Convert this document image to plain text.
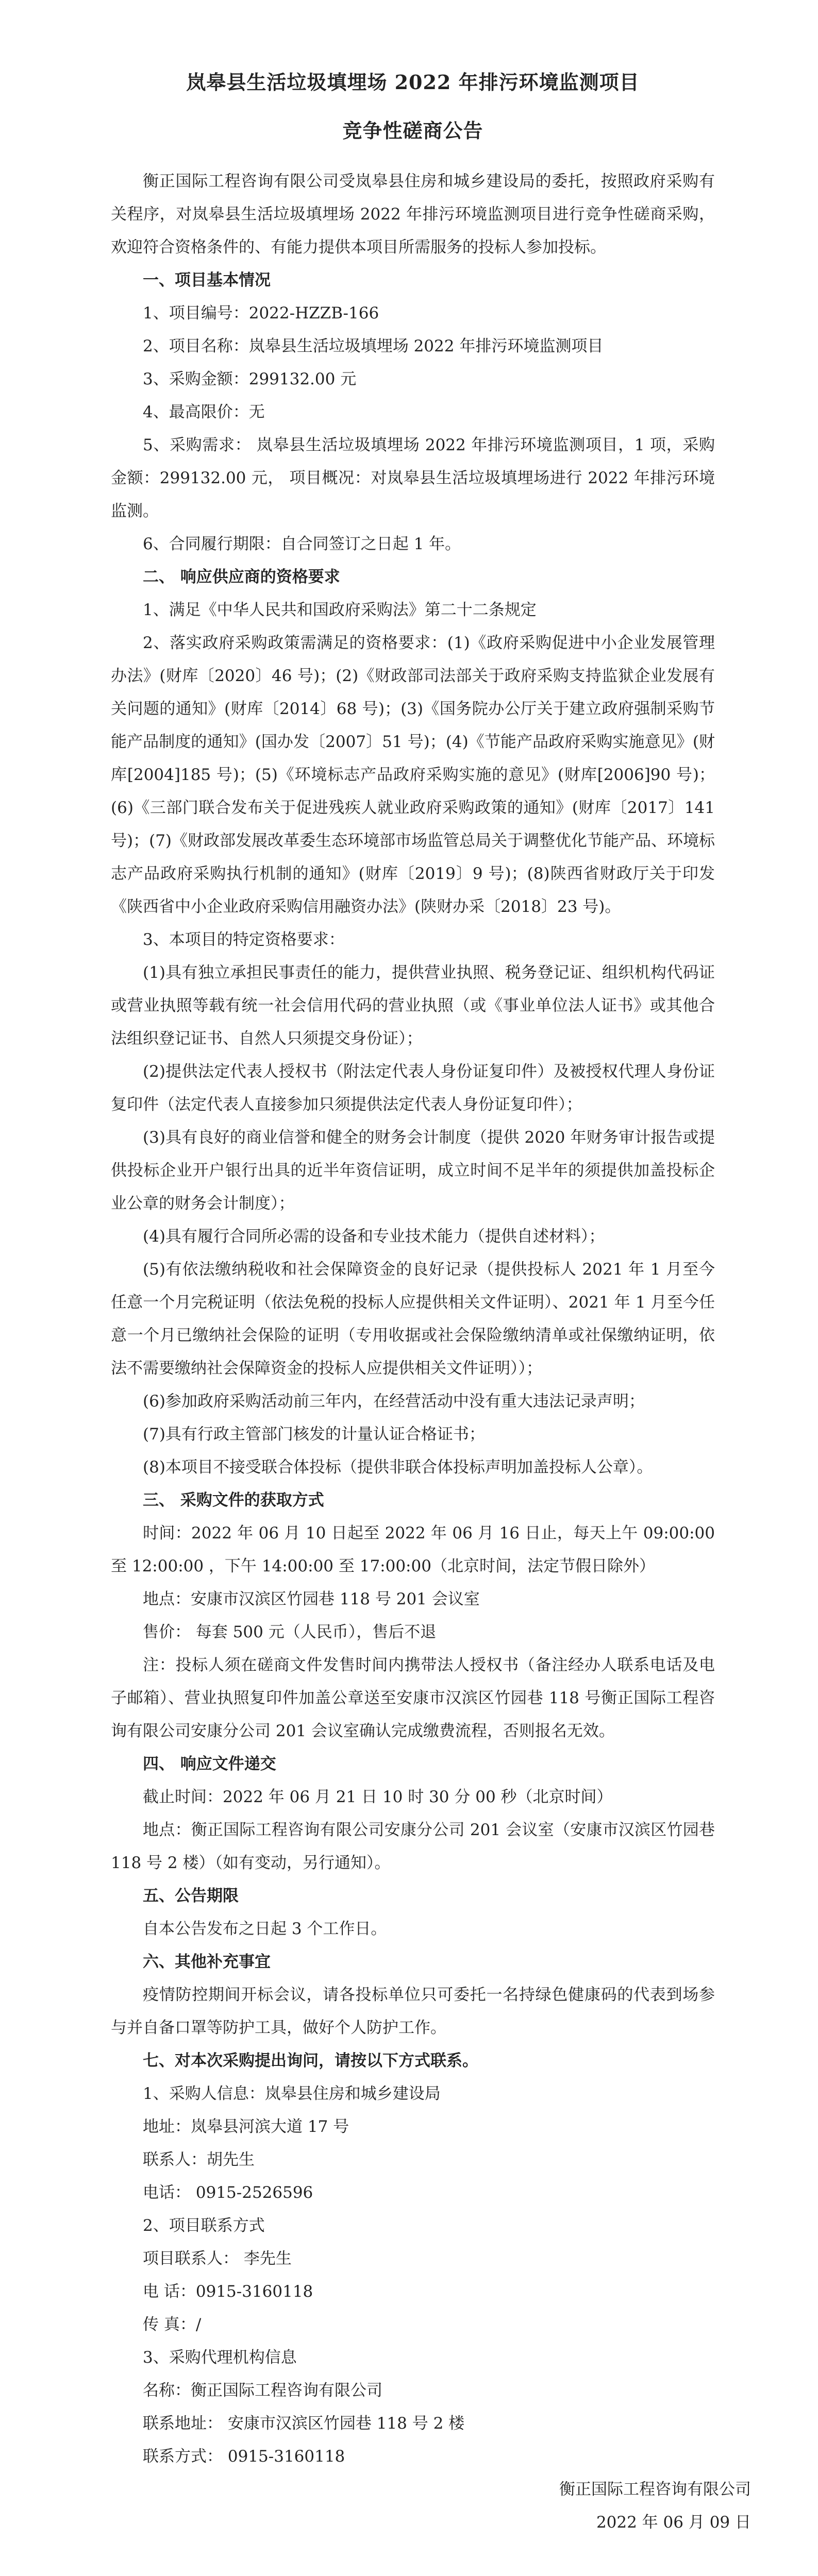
岚皋县生活垃圾填埋场 2022 年排污环境监测项目
竞争性磋商公告

衡正国际工程咨询有限公司受岚皋县住房和城乡建设局的委托，按照政府采购有关程序，对岚皋县生活垃圾填埋场 2022 年排污环境监测项目进行竞争性磋商采购，欢迎符合资格条件的、有能力提供本项目所需服务的投标人参加投标。

一、项目基本情况

1、项目编号：2022-HZZB-166

2、项目名称：岚皋县生活垃圾填埋场 2022 年排污环境监测项目

3、采购金额：299132.00 元

4、最高限价：无

5、采购需求： 岚皋县生活垃圾填埋场 2022 年排污环境监测项目，1 项，采购金额：299132.00 元， 项目概况：对岚皋县生活垃圾填埋场进行 2022 年排污环境监测。

6、合同履行期限：自合同签订之日起 1 年。

二、 响应供应商的资格要求

1、满足《中华人民共和国政府采购法》第二十二条规定

2、落实政府采购政策需满足的资格要求：(1)《政府采购促进中小企业发展管理办法》(财库〔2020〕46 号)；(2)《财政部司法部关于政府采购支持监狱企业发展有关问题的通知》(财库〔2014〕68 号)；(3)《国务院办公厅关于建立政府强制采购节能产品制度的通知》(国办发〔2007〕51 号)；(4)《节能产品政府采购实施意见》(财库[2004]185 号)；(5)《环境标志产品政府采购实施的意见》(财库[2006]90 号)；(6)《三部门联合发布关于促进残疾人就业政府采购政策的通知》(财库〔2017〕141 号)；(7)《财政部发展改革委生态环境部市场监管总局关于调整优化节能产品、环境标志产品政府采购执行机制的通知》(财库〔2019〕9 号)；(8)陕西省财政厅关于印发《陕西省中小企业政府采购信用融资办法》(陕财办采〔2018〕23 号)。

3、本项目的特定资格要求：

(1)具有独立承担民事责任的能力，提供营业执照、税务登记证、组织机构代码证或营业执照等载有统一社会信用代码的营业执照（或《事业单位法人证书》或其他合法组织登记证书、自然人只须提交身份证）；

(2)提供法定代表人授权书（附法定代表人身份证复印件）及被授权代理人身份证复印件（法定代表人直接参加只须提供法定代表人身份证复印件）；

(3)具有良好的商业信誉和健全的财务会计制度（提供 2020 年财务审计报告或提供投标企业开户银行出具的近半年资信证明，成立时间不足半年的须提供加盖投标企业公章的财务会计制度）；

(4)具有履行合同所必需的设备和专业技术能力（提供自述材料）；

(5)有依法缴纳税收和社会保障资金的良好记录（提供投标人 2021 年 1 月至今任意一个月完税证明（依法免税的投标人应提供相关文件证明）、2021 年 1 月至今任意一个月已缴纳社会保险的证明（专用收据或社会保险缴纳清单或社保缴纳证明，依法不需要缴纳社会保障资金的投标人应提供相关文件证明））；

(6)参加政府采购活动前三年内，在经营活动中没有重大违法记录声明；

(7)具有行政主管部门核发的计量认证合格证书；

(8)本项目不接受联合体投标（提供非联合体投标声明加盖投标人公章）。

三、 采购文件的获取方式

时间：2022 年 06 月 10 日起至 2022 年 06 月 16 日止，每天上午 09:00:00 至 12:00:00 ，下午 14:00:00 至 17:00:00（北京时间，法定节假日除外）

地点：安康市汉滨区竹园巷 118 号 201 会议室

售价： 每套 500 元（人民币），售后不退

注：投标人须在磋商文件发售时间内携带法人授权书（备注经办人联系电话及电子邮箱）、营业执照复印件加盖公章送至安康市汉滨区竹园巷 118 号衡正国际工程咨询有限公司安康分公司 201 会议室确认完成缴费流程，否则报名无效。

四、 响应文件递交

截止时间：2022 年 06 月 21 日 10 时 30 分 00 秒（北京时间）

地点：衡正国际工程咨询有限公司安康分公司 201 会议室（安康市汉滨区竹园巷 118 号 2 楼）（如有变动，另行通知）。

五、公告期限

自本公告发布之日起 3 个工作日。

六、其他补充事宜

疫情防控期间开标会议，请各投标单位只可委托一名持绿色健康码的代表到场参与并自备口罩等防护工具，做好个人防护工作。

七、对本次采购提出询问，请按以下方式联系。

1、采购人信息：岚皋县住房和城乡建设局

地址：岚皋县河滨大道 17 号

联系人：胡先生

电话： 0915-2526596

2、项目联系方式

项目联系人： 李先生

电 话：0915-3160118

传 真：/

3、采购代理机构信息

名称：衡正国际工程咨询有限公司

联系地址： 安康市汉滨区竹园巷 118 号 2 楼

联系方式： 0915-3160118

衡正国际工程咨询有限公司

2022 年 06 月 09 日
